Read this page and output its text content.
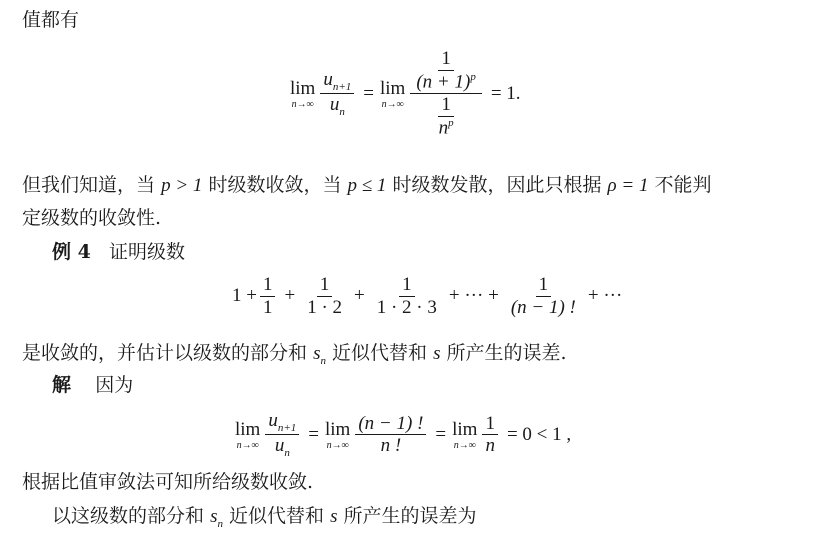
值都有
lim
$n\to\infty \frac{u_{n+1}}{u_n} = \lim$
$n\to\infty \frac{\frac{1}{(n + 1)^p}}{\frac{1}{n^p}} = 1$.
但我们知道，当 p > 1 时级数收敛，当 p ≤ 1 时级数发散，因此只根据 ρ = 1 不能判
定级数的收敛性.
例 4 证明级数
$1 + \frac{1}{1} + \frac{1}{1 \cdot 2} + \frac{1}{1 \cdot 2 \cdot 3}$ + ··· + $\frac{1}{(n - 1) !}$ + ···
是收敛的，并估计以级数的部分和 $s_n$ 近似代替和 s 所产生的误差.
解 因为
lim
$n\to\infty \frac{u_{n+1}}{u_n} = \lim$
$n\to\infty \frac{(n - 1) !}{n !} = \lim$
$n\to\infty \frac{1}{n} = 0 < 1$ ,
根据比值审敛法可知所给级数收敛.
以这级数的部分和 $s_n$ 近似代替和 s 所产生的误差为
